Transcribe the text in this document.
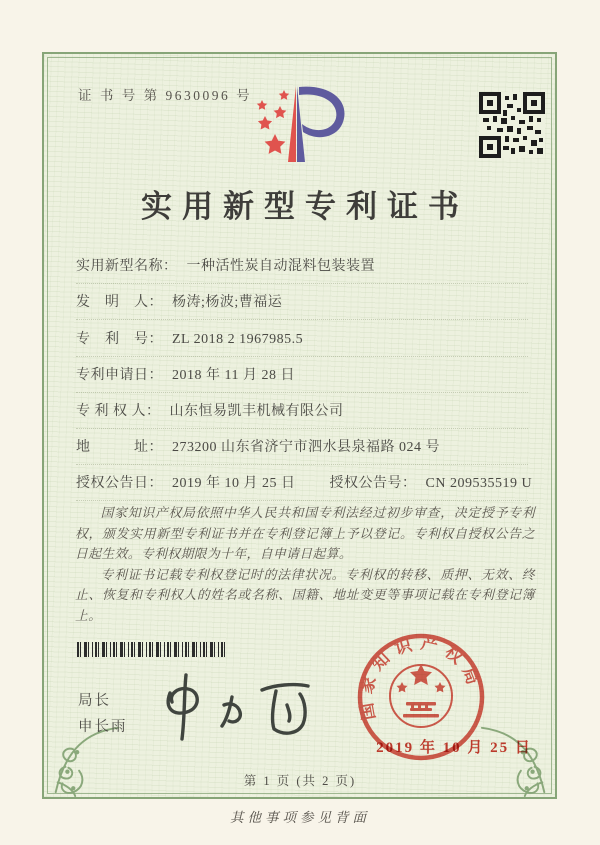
证 书 号 第 9630096 号
实用新型专利证书
实用新型名称： 一种活性炭自动混料包装装置
发　明　人： 杨涛;杨波;曹福运
专　利　号： ZL 2018 2 1967985.5
专利申请日： 2018 年 11 月 28 日
专 利 权 人： 山东恒易凯丰机械有限公司
地　　　址： 273200 山东省济宁市泗水县泉福路 024 号
授权公告日： 2019 年 10 月 25 日 授权公告号： CN 209535519 U

国家知识产权局依照中华人民共和国专利法经过初步审查，决定授予专利权，颁发实用新型专利证书并在专利登记簿上予以登记。专利权自授权公告之日起生效。专利权期限为十年，自申请日起算。

专利证书记载专利权登记时的法律状况。专利权的转移、质押、无效、终止、恢复和专利权人的姓名或名称、国籍、地址变更等事项记载在专利登记簿上。

局长
申长雨
国家知识产权局
2019 年 10 月 25 日
第 1 页 (共 2 页)
其他事项参见背面
